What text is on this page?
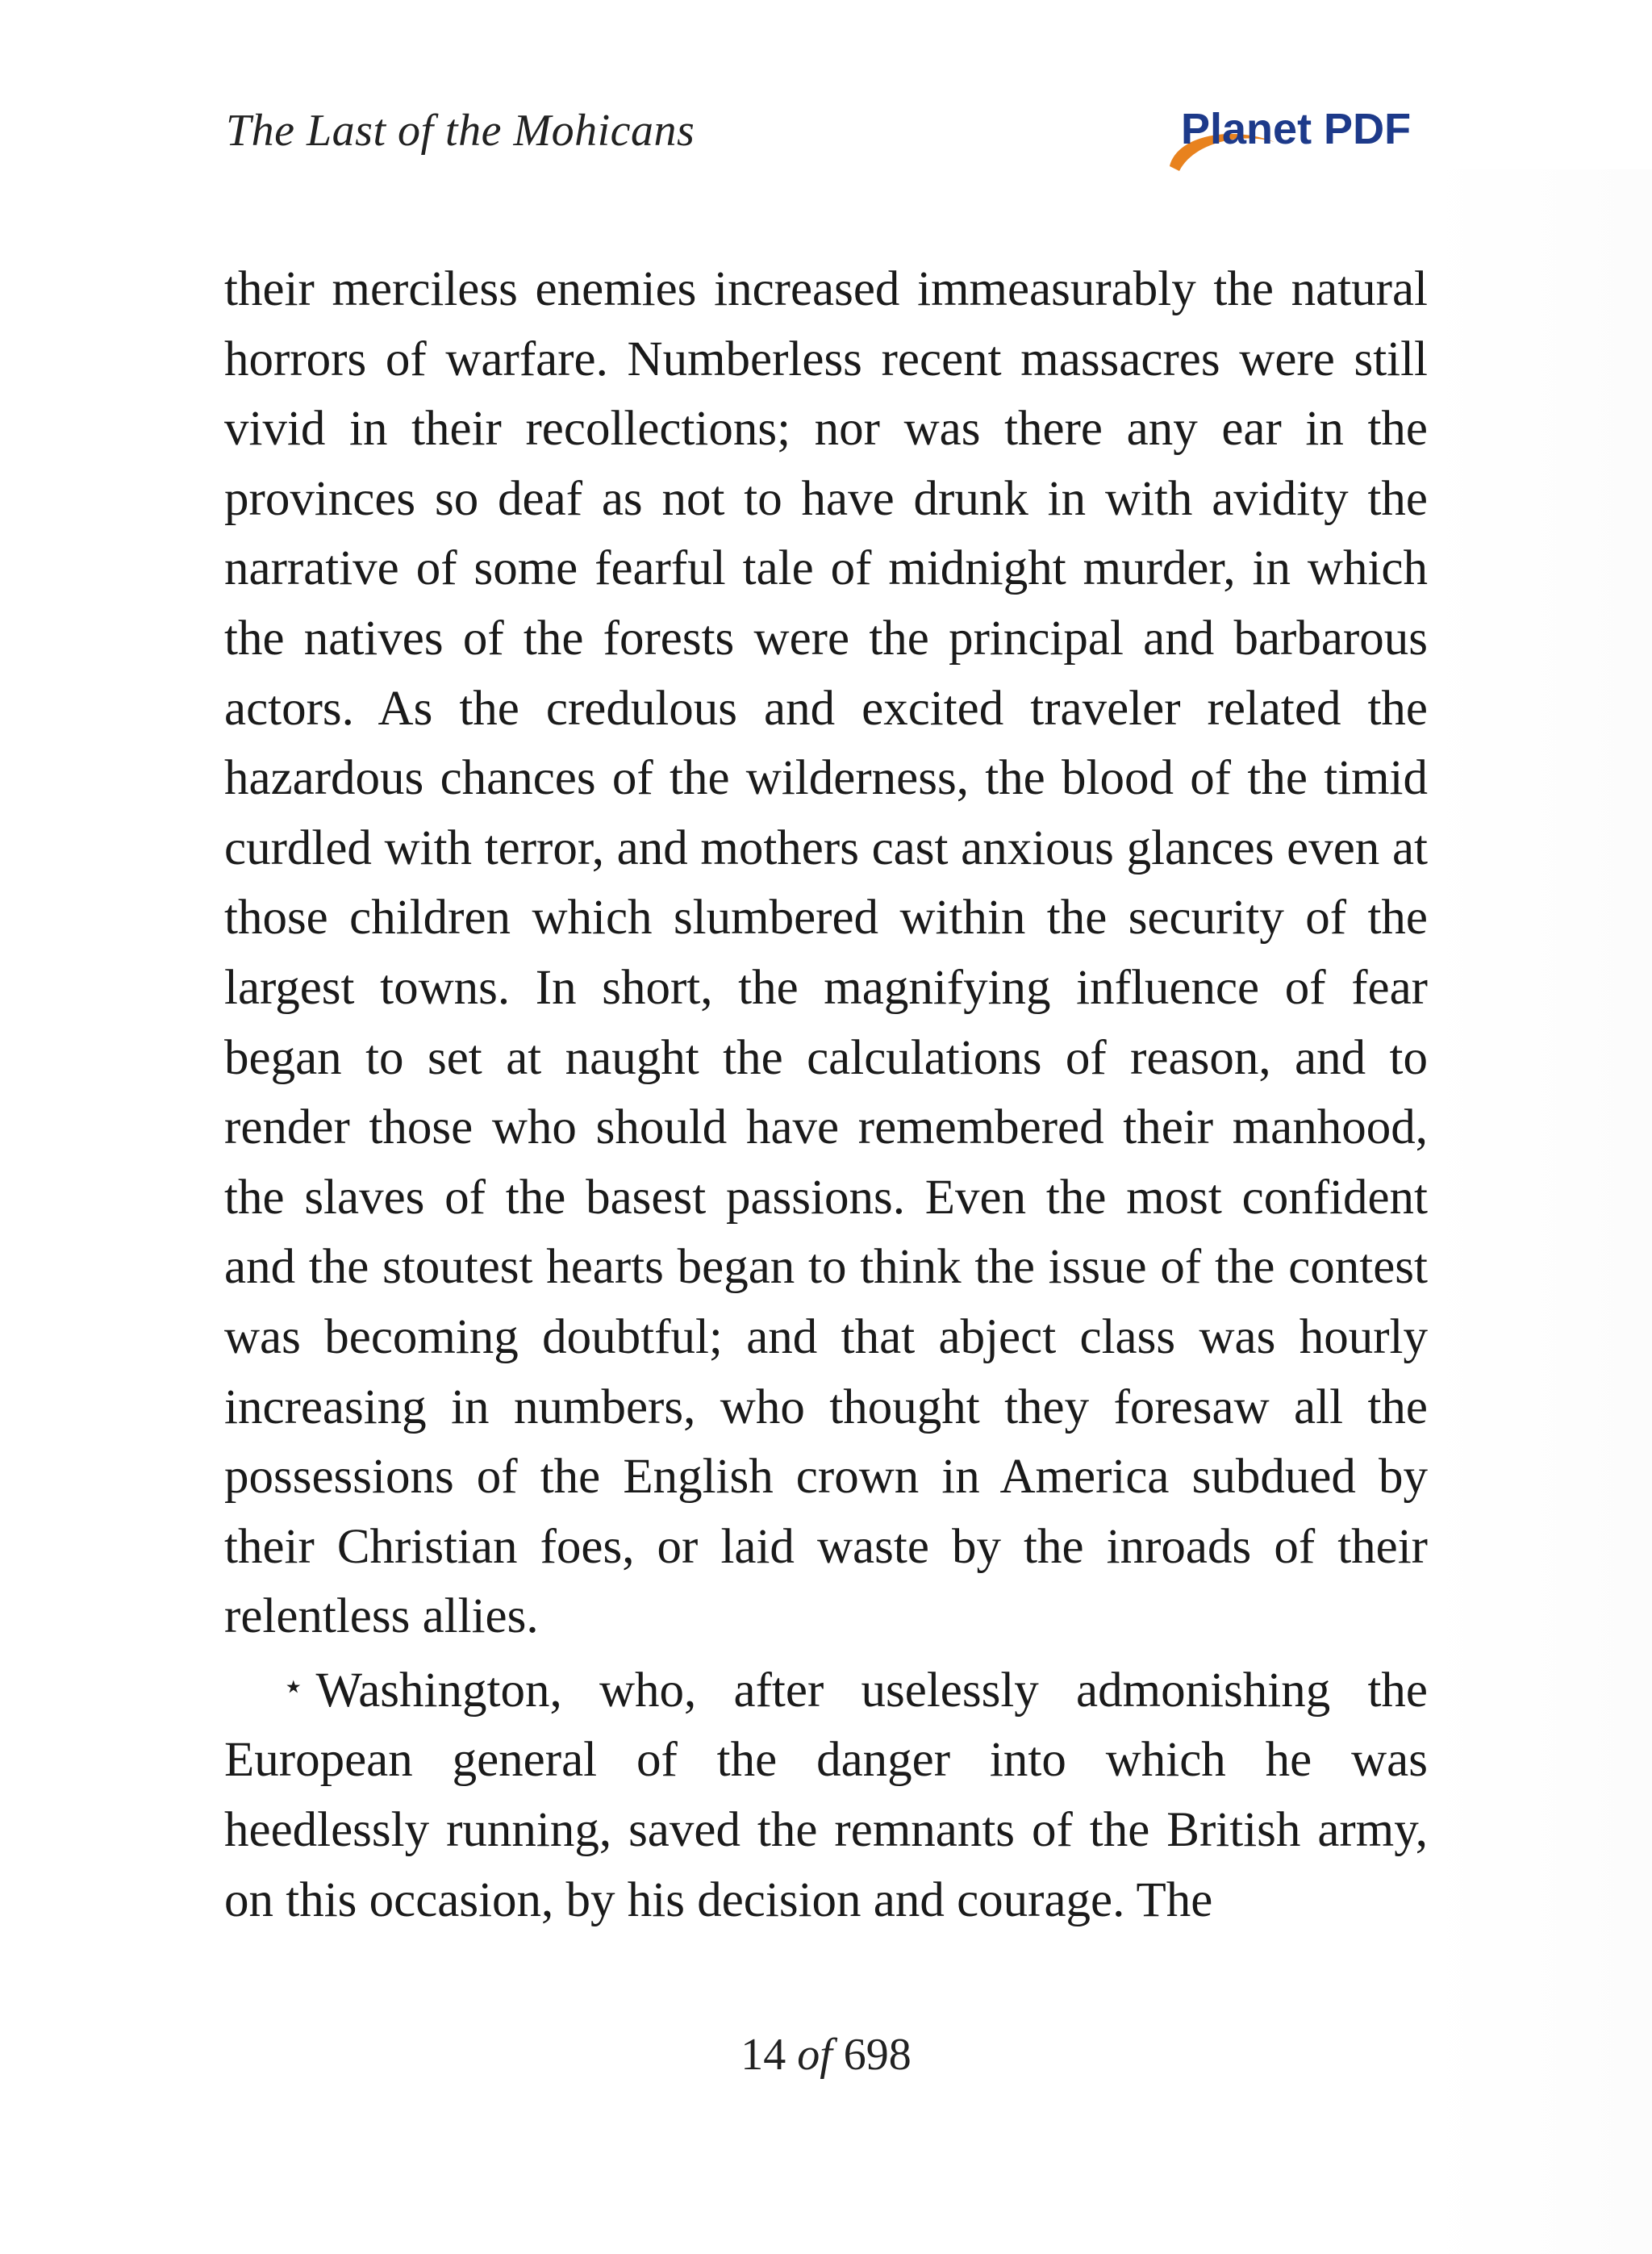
The Last of the Mohicans	Planet PDF

their merciless enemies increased immeasurably the natural horrors of warfare. Numberless recent massacres were still vivid in their recollections; nor was there any ear in the provinces so deaf as not to have drunk in with avidity the narrative of some fearful tale of midnight murder, in which the natives of the forests were the principal and barbarous actors. As the credulous and excited traveler related the hazardous chances of the wilderness, the blood of the timid curdled with terror, and mothers cast anxious glances even at those children which slumbered within the security of the largest towns. In short, the magnifying influence of fear began to set at naught the calculations of reason, and to render those who should have remembered their manhood, the slaves of the basest passions. Even the most confident and the stoutest hearts began to think the issue of the contest was becoming doubtful; and that abject class was hourly increasing in numbers, who thought they foresaw all the possessions of the English crown in America subdued by their Christian foes, or laid waste by the inroads of their relentless allies.

⋆ Washington, who, after uselessly admonishing the European general of the danger into which he was heedlessly running, saved the remnants of the British army, on this occasion, by his decision and courage. The

14 of 698
